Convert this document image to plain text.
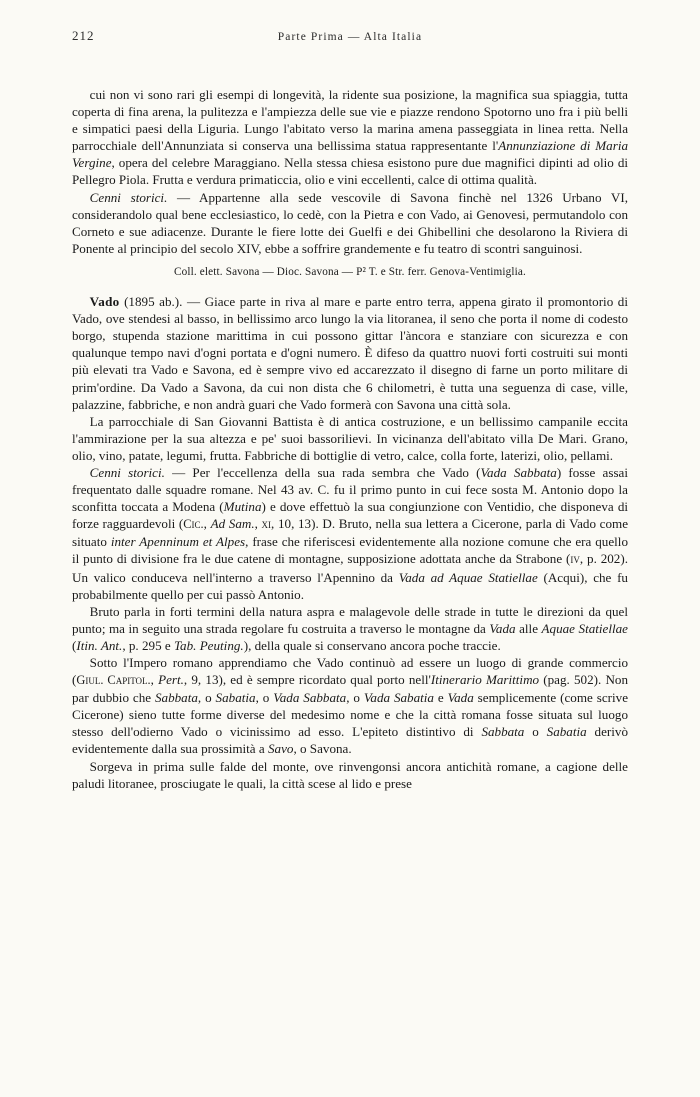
212	Parte Prima — Alta Italia

cui non vi sono rari gli esempi di longevità, la ridente sua posizione, la magnifica sua spiaggia, tutta coperta di fina arena, la pulitezza e l'ampiezza delle sue vie e piazze rendono Spotorno uno fra i più belli e simpatici paesi della Liguria. Lungo l'abitato verso la marina amena passeggiata in linea retta. Nella parrocchiale dell'Annunziata si conserva una bellissima statua rappresentante l'Annunziazione di Maria Vergine, opera del celebre Maraggiano. Nella stessa chiesa esistono pure due magnifici dipinti ad olio di Pellegro Piola. Frutta e verdura primaticcia, olio e vini eccellenti, calce di ottima qualità.

Cenni storici. — Appartenne alla sede vescovile di Savona finchè nel 1326 Urbano VI, considerandolo qual bene ecclesiastico, lo cedè, con la Pietra e con Vado, ai Genovesi, permutandolo con Corneto e sue adiacenze. Durante le fiere lotte dei Guelfi e dei Ghibellini che desolarono la Riviera di Ponente al principio del secolo XIV, ebbe a soffrire grandemente e fu teatro di scontri sanguinosi.

Coll. elett. Savona — Dioc. Savona — P² T. e Str. ferr. Genova-Ventimiglia.

Vado (1895 ab.). — Giace parte in riva al mare e parte entro terra, appena girato il promontorio di Vado, ove stendesi al basso, in bellissimo arco lungo la via litoranea, il seno che porta il nome di codesto borgo, stupenda stazione marittima in cui possono gittar l'àncora e stanziare con sicurezza e con qualunque tempo navi d'ogni portata e d'ogni numero. È difeso da quattro nuovi forti costruiti sui monti più elevati tra Vado e Savona, ed è sempre vivo ed accarezzato il disegno di farne un porto militare di prim'ordine. Da Vado a Savona, da cui non dista che 6 chilometri, è tutta una seguenza di case, ville, palazzine, fabbriche, e non andrà guari che Vado formerà con Savona una città sola.

La parrocchiale di San Giovanni Battista è di antica costruzione, e un bellissimo campanile eccita l'ammirazione per la sua altezza e pe' suoi bassorilievi. In vicinanza dell'abitato villa De Mari. Grano, olio, vino, patate, legumi, frutta. Fabbriche di bottiglie di vetro, calce, colla forte, laterizi, olio, pellami.

Cenni storici. — Per l'eccellenza della sua rada sembra che Vado (Vada Sabbata) fosse assai frequentato dalle squadre romane. Nel 43 av. C. fu il primo punto in cui fece sosta M. Antonio dopo la sconfitta toccata a Modena (Mutina) e dove effettuò la sua congiunzione con Ventidio, che disponeva di forze ragguardevoli (Cic., Ad Sam., xi, 10, 13). D. Bruto, nella sua lettera a Cicerone, parla di Vado come situato inter Apenninum et Alpes, frase che riferiscesi evidentemente alla nozione comune che era quello il punto di divisione fra le due catene di montagne, supposizione adottata anche da Strabone (iv, p. 202). Un valico conduceva nell'interno a traverso l'Apennino da Vada ad Aquae Statiellae (Acqui), che fu probabilmente quello per cui passò Antonio.

Bruto parla in forti termini della natura aspra e malagevole delle strade in tutte le direzioni da quel punto; ma in seguito una strada regolare fu costruita a traverso le montagne da Vada alle Aquae Statiellae (Itin. Ant., p. 295 e Tab. Peuting.), della quale si conservano ancora poche traccie.

Sotto l'Impero romano apprendiamo che Vado continuò ad essere un luogo di grande commercio (Giul. Capitol., Pert., 9, 13), ed è sempre ricordato qual porto nell'Itinerario Marittimo (pag. 502). Non par dubbio che Sabbata, o Sabatia, o Vada Sabbata, o Vada Sabatia e Vada semplicemente (come scrive Cicerone) sieno tutte forme diverse del medesimo nome e che la città romana fosse situata sul luogo stesso dell'odierno Vado o vicinissimo ad esso. L'epiteto distintivo di Sabbata o Sabatia derivò evidentemente dalla sua prossimità a Savo, o Savona.

Sorgeva in prima sulle falde del monte, ove rinvengonsi ancora antichità romane, a cagione delle paludi litoranee, prosciugate le quali, la città scese al lido e prese
